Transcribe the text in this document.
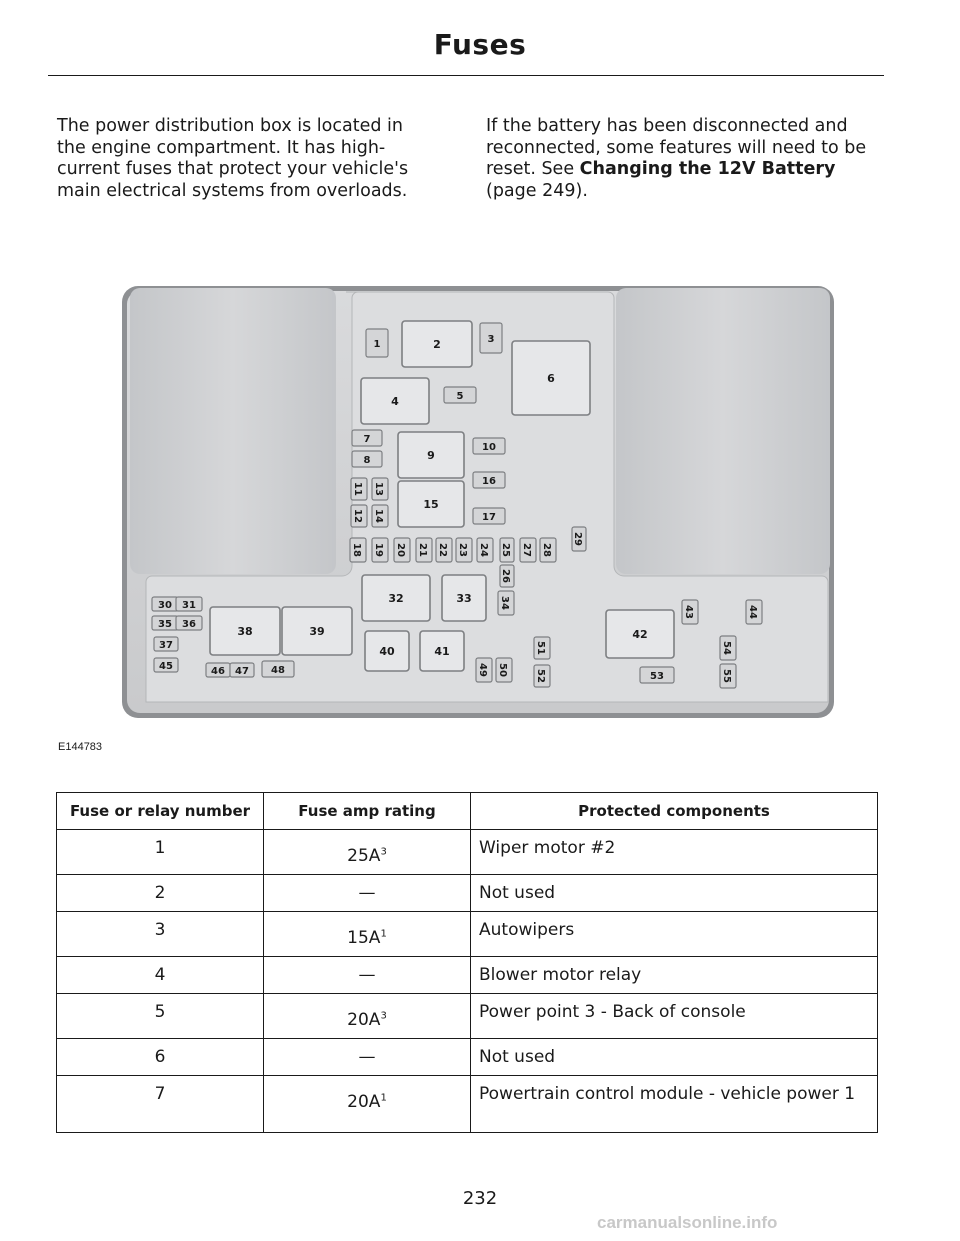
Fuses
The power distribution box is located in the engine compartment. It has high-current fuses that protect your vehicle's main electrical systems from overloads.
If the battery has been disconnected and reconnected, some features will need to be reset. See Changing the 12V Battery (page 249).
1	2	3
4	5
6
7
8	9
10
11
12
13
14
15
16
17
18 19 20 21 22 23 24 25
26
27 28
29
30 31
32	33	34
35 36
37
38	39
40	41
42
43	44
45	46 47 48	49 50
51
52	53
54
55
E144783
Fuse or relay number	Fuse amp rating	Protected components
1	$25A^3$	Wiper motor #2
2	—	Not used
3	$15A^1$	Autowipers
4	—	Blower motor relay
5	$20A^3$	Power point 3 - Back of console
6	—	Not used
7	$20A^1$	Powertrain control module - vehicle power 1
232
carmanualsonline.info
